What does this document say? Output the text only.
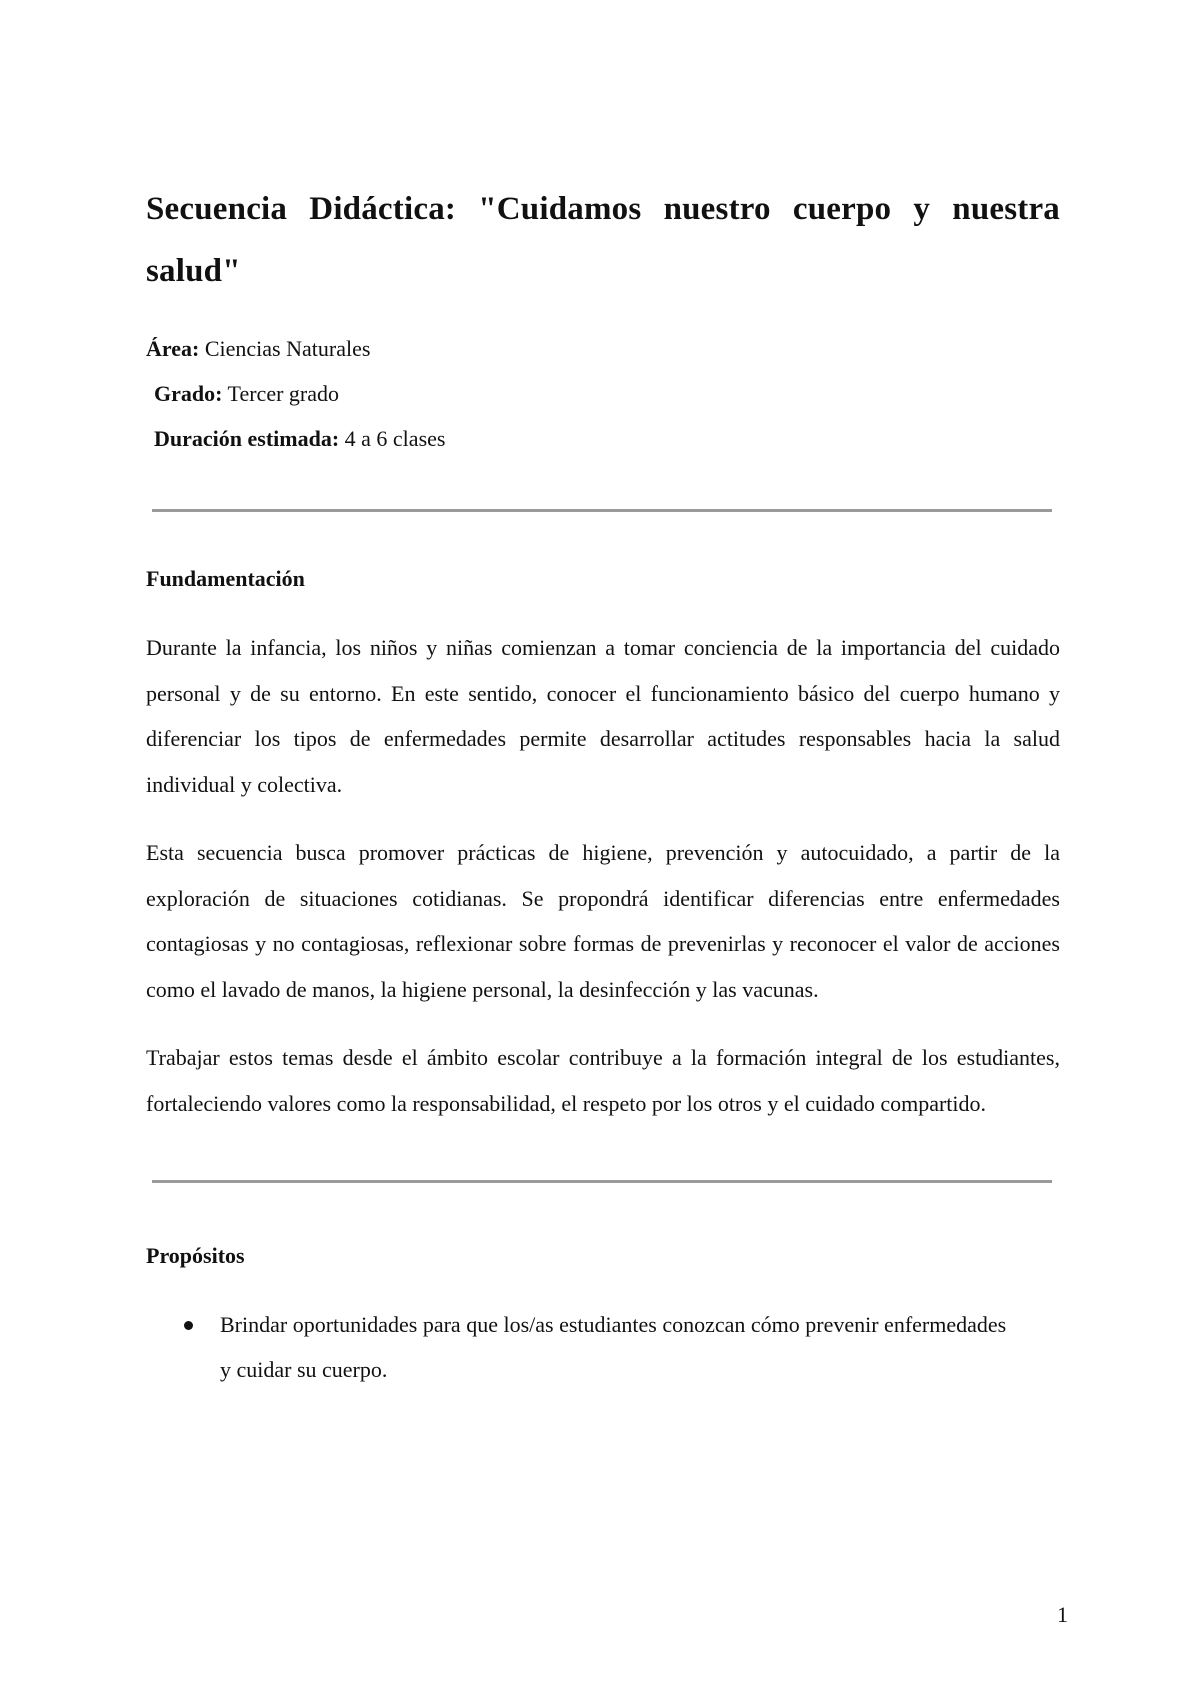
Secuencia Didáctica: "Cuidamos nuestro cuerpo y nuestra salud"
Área: Ciencias Naturales
Grado: Tercer grado
Duración estimada: 4 a 6 clases
Fundamentación

Durante la infancia, los niños y niñas comienzan a tomar conciencia de la importancia del cuidado personal y de su entorno. En este sentido, conocer el funcionamiento básico del cuerpo humano y diferenciar los tipos de enfermedades permite desarrollar actitudes responsables hacia la salud individual y colectiva.

Esta secuencia busca promover prácticas de higiene, prevención y autocuidado, a partir de la exploración de situaciones cotidianas. Se propondrá identificar diferencias entre enfermedades contagiosas y no contagiosas, reflexionar sobre formas de prevenirlas y reconocer el valor de acciones como el lavado de manos, la higiene personal, la desinfección y las vacunas.

Trabajar estos temas desde el ámbito escolar contribuye a la formación integral de los estudiantes, fortaleciendo valores como la responsabilidad, el respeto por los otros y el cuidado compartido.

Propósitos
Brindar oportunidades para que los/as estudiantes conozcan cómo prevenir enfermedades y cuidar su cuerpo.
1
